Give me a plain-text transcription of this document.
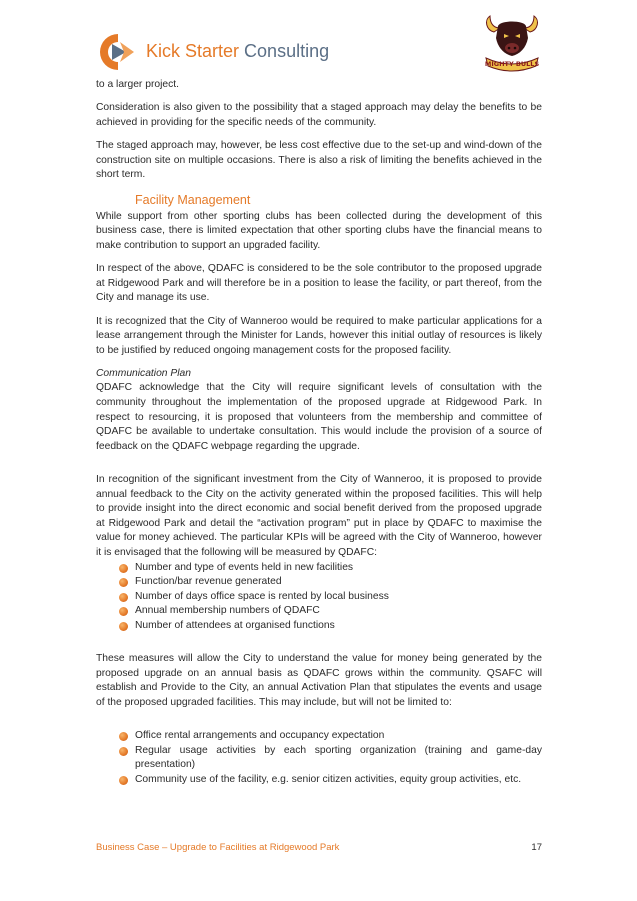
Kick Starter Consulting
MIGHTY BULLS

to a larger project.

Consideration is also given to the possibility that a staged approach may delay the benefits to be achieved in providing for the specific needs of the community.

The staged approach may, however, be less cost effective due to the set-up and wind-down of the construction site on multiple occasions. There is also a risk of limiting the benefits achieved in the short term.

Facility Management

While support from other sporting clubs has been collected during the development of this business case, there is limited expectation that other sporting clubs have the financial means to make contribution to support an upgraded facility.

In respect of the above, QDAFC is considered to be the sole contributor to the proposed upgrade at Ridgewood Park and will therefore be in a position to lease the facility, or part thereof, from the City and manage its use.

It is recognized that the City of Wanneroo would be required to make particular applications for a lease arrangement through the Minister for Lands, however this initial outlay of resources is likely to be justified by reduced ongoing management costs for the proposed facility.

Communication Plan

QDAFC acknowledge that the City will require significant levels of consultation with the community throughout the implementation of the proposed upgrade at Ridgewood Park. In respect to resourcing, it is proposed that volunteers from the membership and committee of QDAFC be available to undertake consultation. This would include the provision of a source of feedback on the QDAFC webpage regarding the upgrade.

In recognition of the significant investment from the City of Wanneroo, it is proposed to provide annual feedback to the City on the activity generated within the proposed facilities. This will help to provide insight into the direct economic and social benefit derived from the proposed upgrade at Ridgewood Park and detail the “activation program” put in place by QDAFC to maximise the value for money achieved. The particular KPIs will be agreed with the City of Wanneroo, however it is envisaged that the following will be measured by QDAFC:

Number and type of events held in new facilities
Function/bar revenue generated
Number of days office space is rented by local business
Annual membership numbers of QDAFC
Number of attendees at organised functions

These measures will allow the City to understand the value for money being generated by the proposed upgrade on an annual basis as QDAFC grows within the community. QSAFC will establish and Provide to the City, an annual Activation Plan that stipulates the events and usage of the proposed upgraded facilities. This may include, but will not be limited to:

Office rental arrangements and occupancy expectation
Regular usage activities by each sporting organization (training and game-day presentation)
Community use of the facility, e.g. senior citizen activities, equity group activities, etc.
Business Case – Upgrade to Facilities at Ridgewood Park	17
